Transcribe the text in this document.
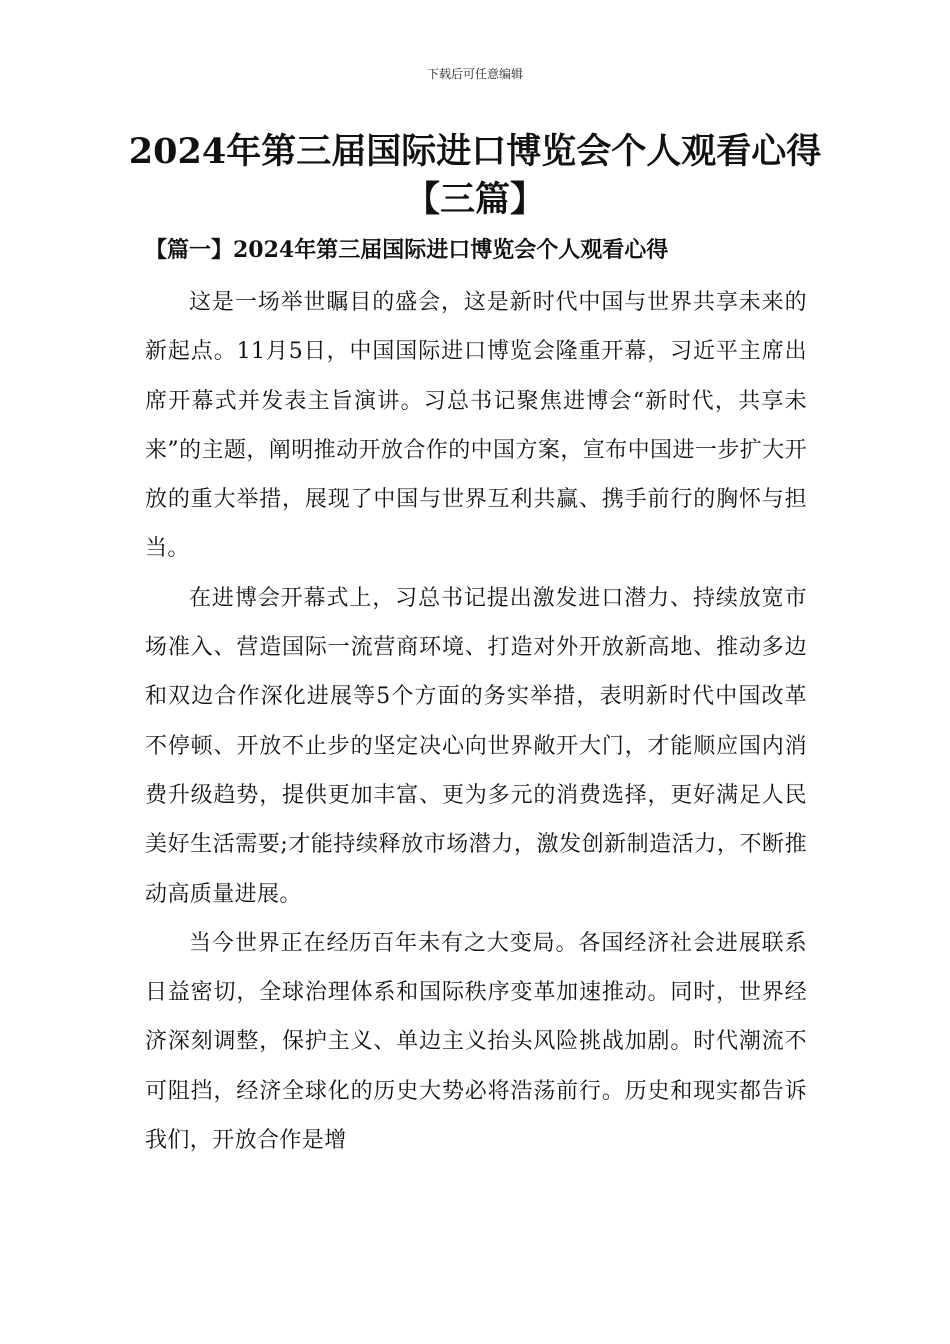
下载后可任意编辑
2024年第三届国际进口博览会个人观看心得【三篇】
【篇一】2024年第三届国际进口博览会个人观看心得

这是一场举世瞩目的盛会，这是新时代中国与世界共享未来的新起点。11月5日，中国国际进口博览会隆重开幕，习近平主席出席开幕式并发表主旨演讲。习总书记聚焦进博会“新时代，共享未来”的主题，阐明推动开放合作的中国方案，宣布中国进一步扩大开放的重大举措，展现了中国与世界互利共赢、携手前行的胸怀与担当。

在进博会开幕式上，习总书记提出激发进口潜力、持续放宽市场准入、营造国际一流营商环境、打造对外开放新高地、推动多边和双边合作深化进展等5个方面的务实举措，表明新时代中国改革不停顿、开放不止步的坚定决心向世界敞开大门，才能顺应国内消费升级趋势，提供更加丰富、更为多元的消费选择，更好满足人民美好生活需要;才能持续释放市场潜力，激发创新制造活力，不断推动高质量进展。

当今世界正在经历百年未有之大变局。各国经济社会进展联系日益密切，全球治理体系和国际秩序变革加速推动。同时，世界经济深刻调整，保护主义、单边主义抬头风险挑战加剧。时代潮流不可阻挡，经济全球化的历史大势必将浩荡前行。历史和现实都告诉我们，开放合作是增
